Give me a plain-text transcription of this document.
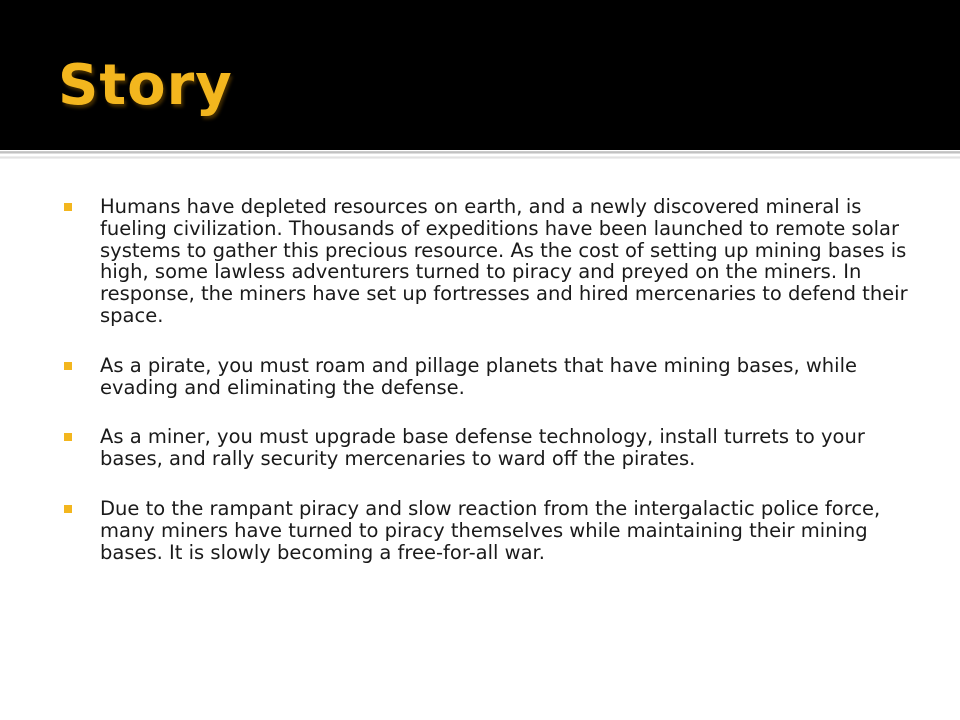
Story
Humans have depleted resources on earth, and a newly discovered mineral is fueling civilization. Thousands of expeditions have been launched to remote solar systems to gather this precious resource. As the cost of setting up mining bases is high, some lawless adventurers turned to piracy and preyed on the miners. In response, the miners have set up fortresses and hired mercenaries to defend their space.
As a pirate, you must roam and pillage planets that have mining bases, while evading and eliminating the defense.
As a miner, you must upgrade base defense technology, install turrets to your bases, and rally security mercenaries to ward off the pirates.
Due to the rampant piracy and slow reaction from the intergalactic police force, many miners have turned to piracy themselves while maintaining their mining bases. It is slowly becoming a free-for-all war.
